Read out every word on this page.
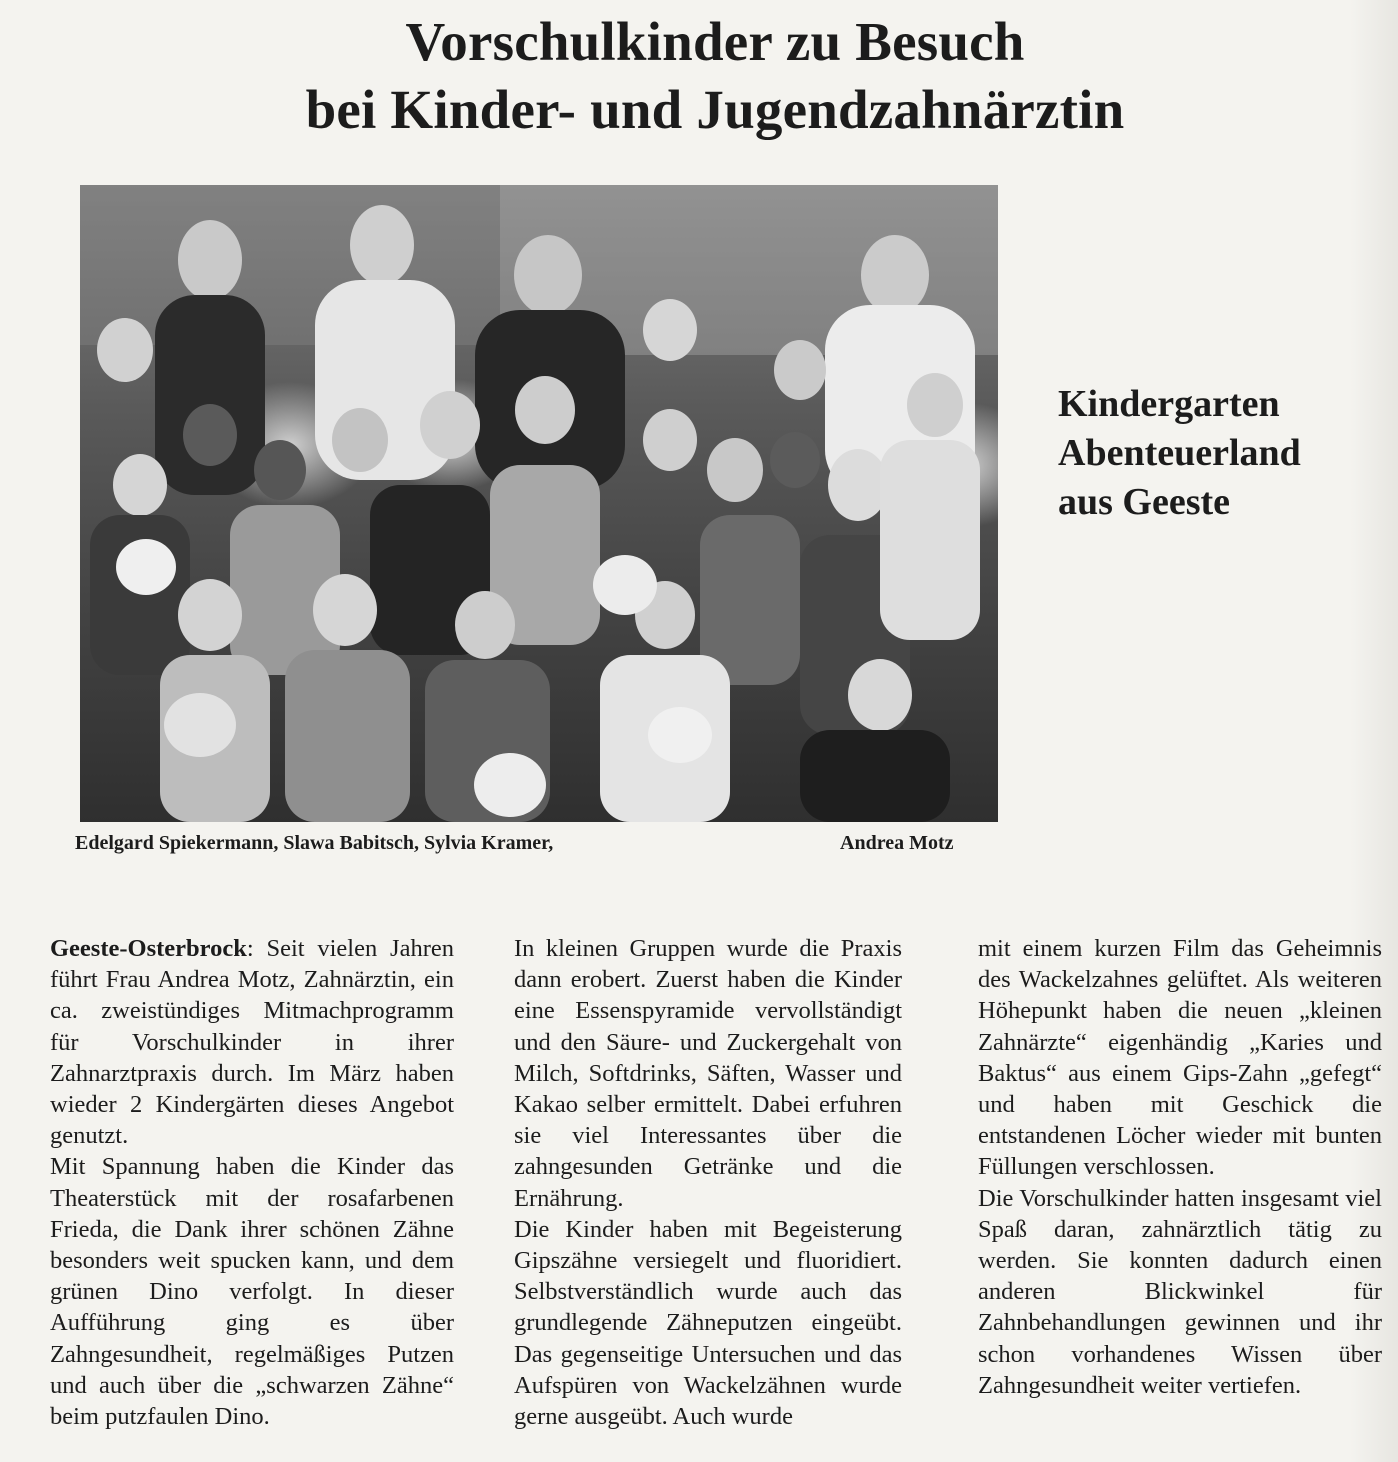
Vorschulkinder zu Besuch
bei Kinder- und Jugendzahnärztin
Kindergarten
Abenteuerland
aus Geeste
Edelgard Spiekermann, Slawa Babitsch, Sylvia Kramer,	Andrea Motz

Geeste-Osterbrock: Seit vielen Jahren führt Frau Andrea Motz, Zahnärztin, ein ca. zweistündiges Mitmachprogramm für Vorschulkinder in ihrer Zahnarztpraxis durch. Im März haben wieder 2 Kindergärten dieses Angebot genutzt.

Mit Spannung haben die Kinder das Theaterstück mit der rosafarbenen Frieda, die Dank ihrer schönen Zähne besonders weit spucken kann, und dem grünen Dino verfolgt. In dieser Aufführung ging es über Zahngesundheit, regelmäßiges Putzen und auch über die „schwarzen Zähne“ beim putzfaulen Dino.

In kleinen Gruppen wurde die Praxis dann erobert. Zuerst haben die Kinder eine Essenspyramide vervollständigt und den Säure- und Zuckergehalt von Milch, Softdrinks, Säften, Wasser und Kakao selber ermittelt. Dabei erfuhren sie viel Interessantes über die zahngesunden Getränke und die Ernährung.

Die Kinder haben mit Begeisterung Gipszähne versiegelt und fluoridiert. Selbstverständlich wurde auch das grundlegende Zähneputzen eingeübt. Das gegenseitige Untersuchen und das Aufspüren von Wackelzähnen wurde gerne ausgeübt. Auch wurde

mit einem kurzen Film das Geheimnis des Wackelzahnes gelüftet. Als weiteren Höhepunkt haben die neuen „kleinen Zahnärzte“ eigenhändig „Karies und Baktus“ aus einem Gips-Zahn „gefegt“ und haben mit Geschick die entstandenen Löcher wieder mit bunten Füllungen verschlossen.

Die Vorschulkinder hatten insgesamt viel Spaß daran, zahnärztlich tätig zu werden. Sie konnten dadurch einen anderen Blickwinkel für Zahnbehandlungen gewinnen und ihr schon vorhandenes Wissen über Zahngesundheit weiter vertiefen.
